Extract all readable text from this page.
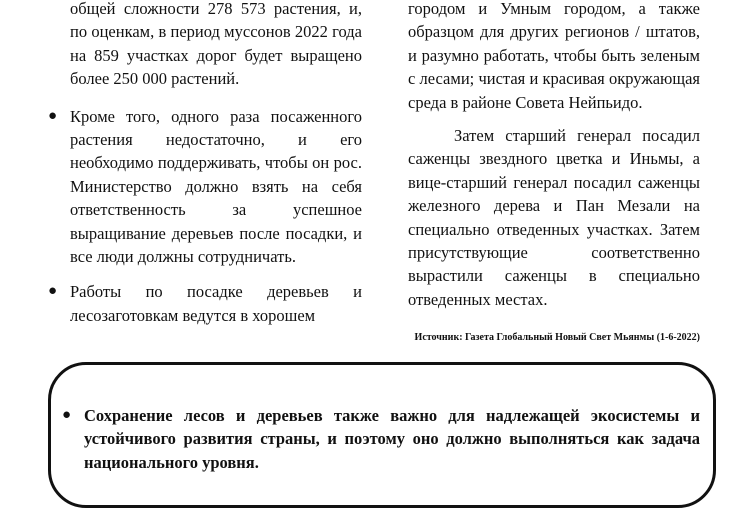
общей сложности 278 573 растения, и, по оценкам, в период муссонов 2022 года на 859 участках дорог будет выращено более 250 000 растений.
● Кроме того, одного раза посаженного растения недостаточно, и его необходимо поддерживать, чтобы он рос. Министерство должно взять на себя ответственность за успешное выращивание деревьев после посадки, и все люди должны сотрудничать.
● Работы по посадке деревьев и лесозаготовкам ведутся в хорошем
городом и Умным городом, а также образцом для других регионов / штатов, и разумно работать, чтобы быть зеленым с лесами; чистая и красивая окружающая среда в районе Совета Нейпьидо.
Затем старший генерал посадил саженцы звездного цветка и Иньмы, а вице-старший генерал посадил саженцы железного дерева и Пан Мезали на специально отведенных участках. Затем присутствующие соответственно вырастили саженцы в специально отведенных местах.
Источник: Газета Глобальный Новый Свет Мьянмы (1-6-2022)
● Сохранение лесов и деревьев также важно для надлежащей экосистемы и устойчивого развития страны, и поэтому оно должно выполняться как задача национального уровня.
